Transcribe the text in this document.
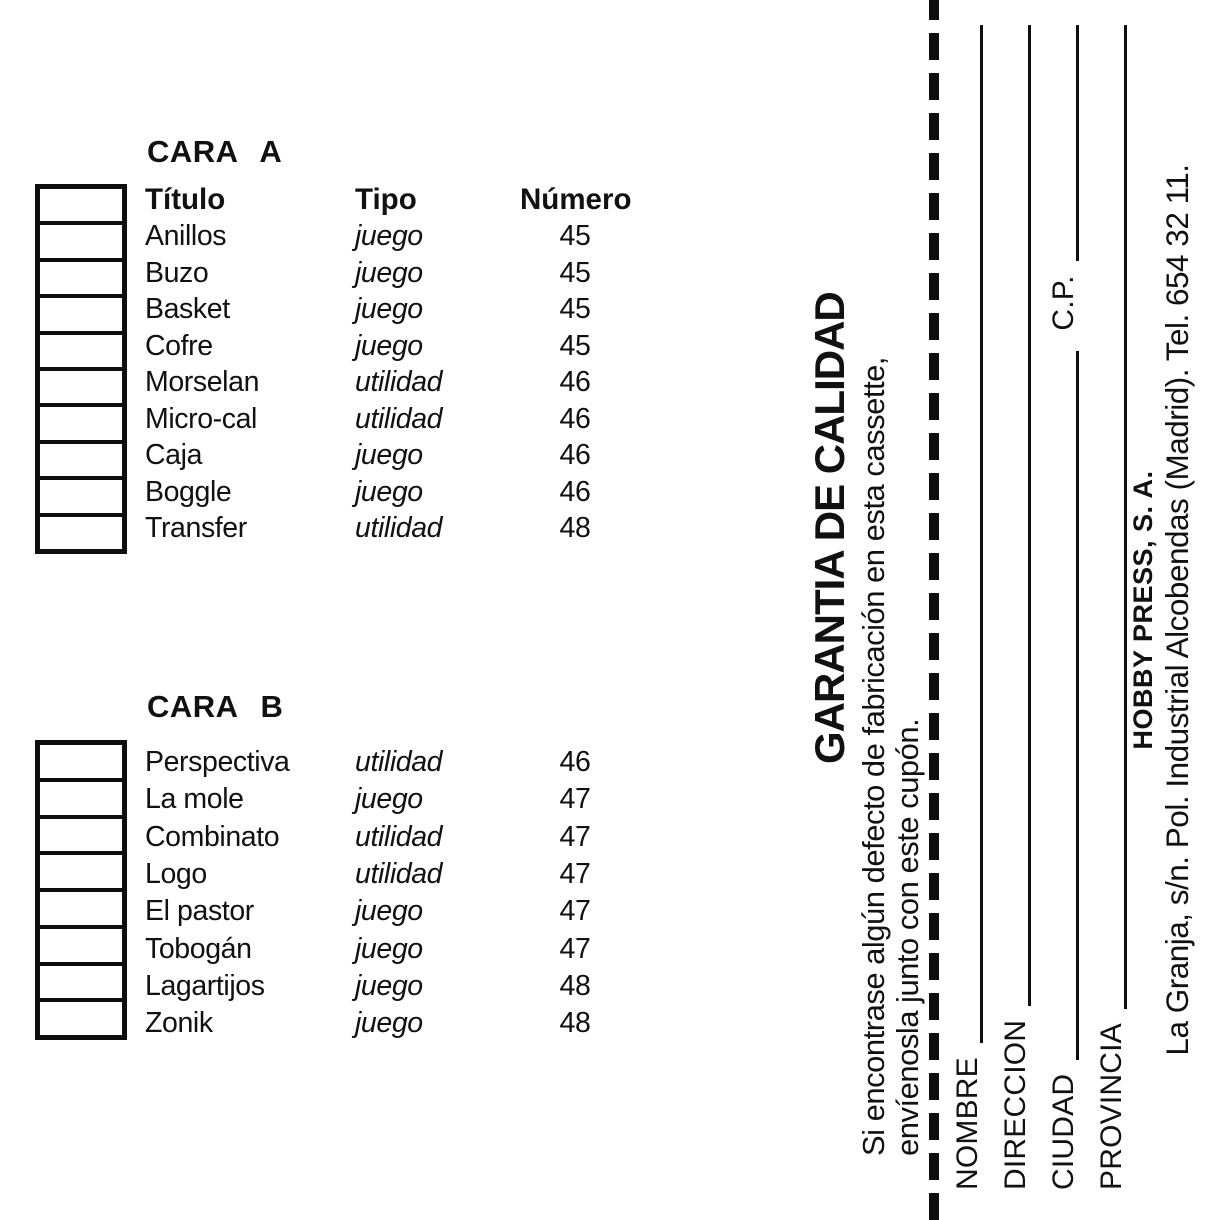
CARA A
Título	Tipo	Número
Anillos	juego	45
Buzo	juego	45
Basket	juego	45
Cofre	juego	45
Morselan	utilidad	46
Micro-cal	utilidad	46
Caja	juego	46
Boggle	juego	46
Transfer	utilidad	48
CARA B
Perspectiva	utilidad	46
La mole	juego	47
Combinato	utilidad	47
Logo	utilidad	47
El pastor	juego	47
Tobogán	juego	47
Lagartijos	juego	48
Zonik	juego	48
GARANTIA DE CALIDAD Si encontrase algún defecto de fabricación en esta cassette,
envíenosla junto con este cupón. NOMBRE DIRECCION CIUDAD
C.P.
PROVINCIA
HOBBY PRESS, S. A. La Granja, s/n. Pol. Industrial Alcobendas (Madrid). Tel. 654 32 11.
